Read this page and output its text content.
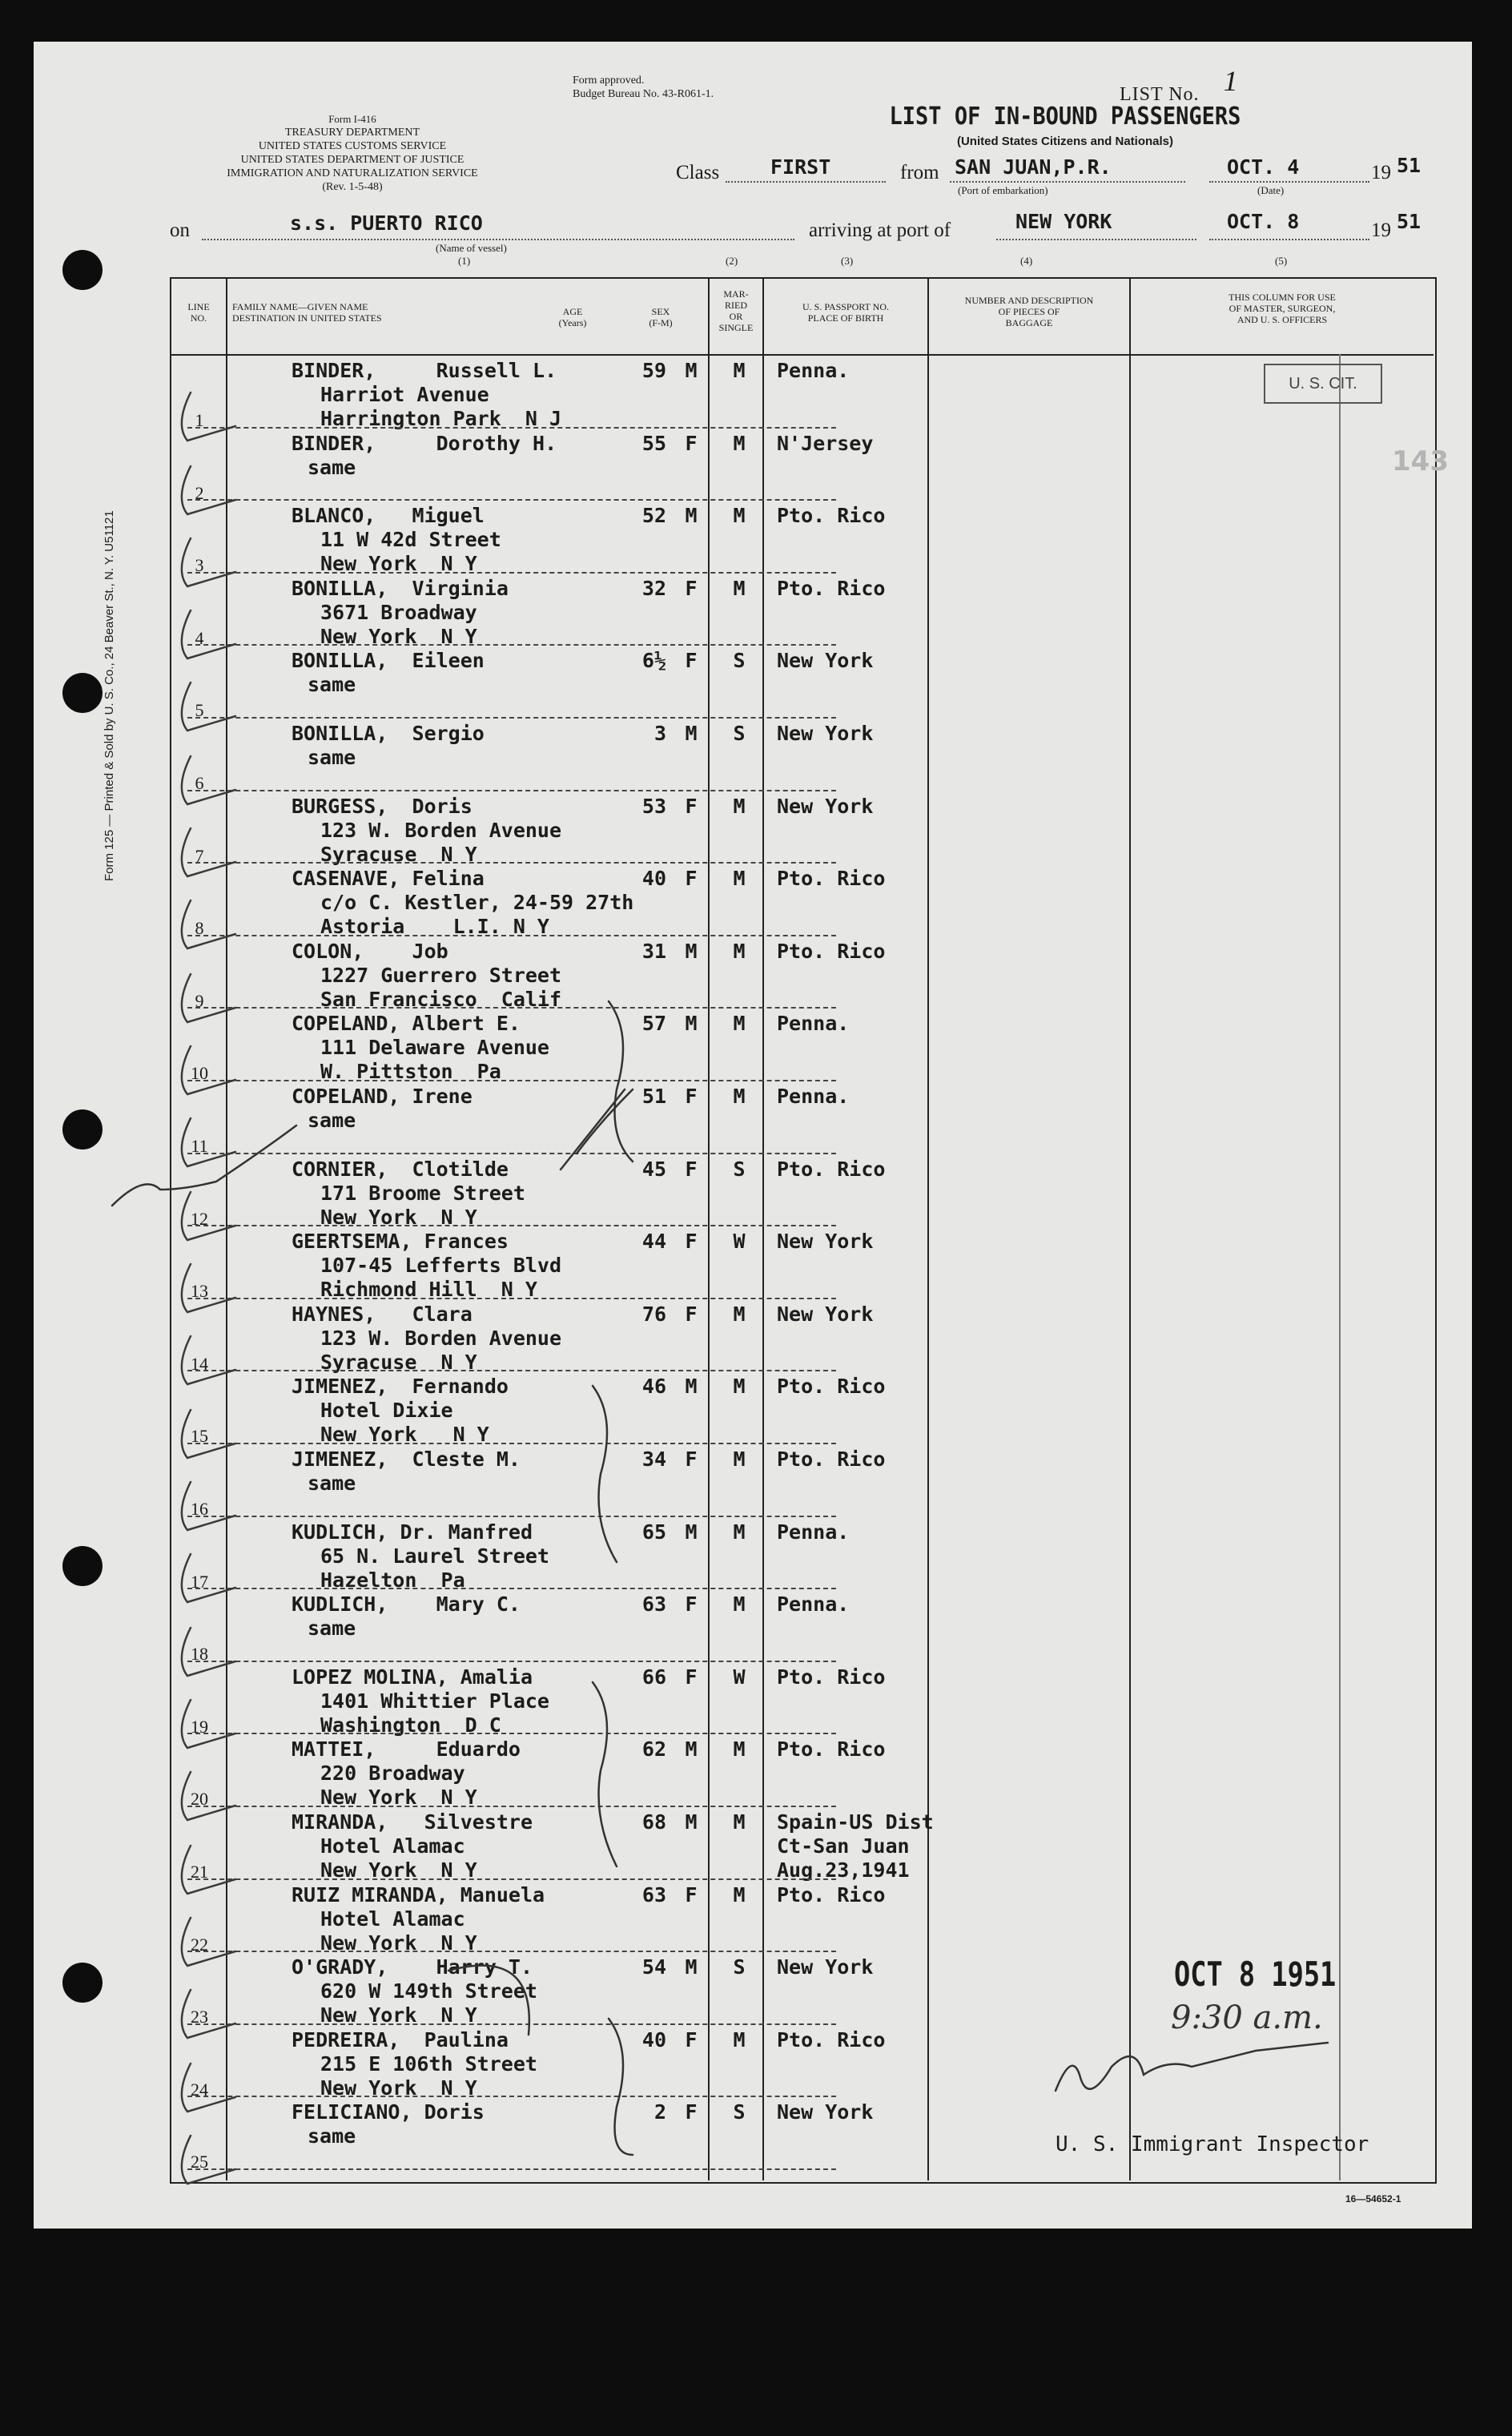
Form 125 — Printed & Sold by U. S. Co., 24 Beaver St., N. Y. U51121
Form I-416
TREASURY DEPARTMENT
UNITED STATES CUSTOMS SERVICE
UNITED STATES DEPARTMENT OF JUSTICE
IMMIGRATION AND NATURALIZATION SERVICE
(Rev. 1-5-48)
Form approved.
Budget Bureau No. 43-R061-1.	LIST No. 1
LIST OF IN-BOUND PASSENGERS
(United States Citizens and Nationals)
Class	FIRST	from SAN JUAN,P.R.
(Port of embarkation)
OCT. 4	19 51
(Date)
on	s.s. PUERTO RICO
(Name of vessel)
arriving at port of	NEW YORK	OCT. 8	19 51
(1)	(2)	(3)	(4)	(5)
LINE
NO.
FAMILY NAME—GIVEN NAME
DESTINATION IN UNITED STATES
AGE
(Years)
SEX
(F-M)
MAR-
RIED
OR
SINGLE
U. S. PASSPORT NO.
PLACE OF BIRTH
NUMBER AND DESCRIPTION
OF PIECES OF
BAGGAGE
THIS COLUMN FOR USE
OF MASTER, SURGEON,
AND U. S. OFFICERS
1
BINDER,     Russell L.
Harriot Avenue
Harrington Park  N J
59 M	M	Penna.
2
BINDER,     Dorothy H.
same
55 F	M	N'Jersey
3
BLANCO,   Miguel
11 W 42d Street
New York  N Y
52 M	M	Pto. Rico
4
BONILLA,  Virginia
3671 Broadway
New York  N Y
32 F	M	Pto. Rico
5
BONILLA,  Eileen
same
6½ F	S	New York
6
BONILLA,  Sergio
same
3 M	S	New York
7
BURGESS,  Doris
123 W. Borden Avenue
Syracuse  N Y
53 F	M	New York
8
CASENAVE, Felina
c/o C. Kestler, 24-59 27th
Astoria    L.I. N Y
40 F	M	Pto. Rico
9
COLON,    Job
1227 Guerrero Street
San Francisco  Calif
31 M	M	Pto. Rico
10
COPELAND, Albert E.
111 Delaware Avenue
W. Pittston  Pa
57 M	M	Penna.
11
COPELAND, Irene
same
51 F	M	Penna.
12
CORNIER,  Clotilde
171 Broome Street
New York  N Y
45 F	S	Pto. Rico
13
GEERTSEMA, Frances
107-45 Lefferts Blvd
Richmond Hill  N Y
44 F	W	New York
14
HAYNES,   Clara
123 W. Borden Avenue
Syracuse  N Y
76 F	M	New York
15
JIMENEZ,  Fernando
Hotel Dixie
New York   N Y
46 M	M	Pto. Rico
16
JIMENEZ,  Cleste M.
same
34 F	M	Pto. Rico
17
KUDLICH, Dr. Manfred
65 N. Laurel Street
Hazelton  Pa
65 M	M	Penna.
18
KUDLICH,    Mary C.
same
63 F	M	Penna.
19
LOPEZ MOLINA, Amalia
1401 Whittier Place
Washington  D C
66 F	W	Pto. Rico
20
MATTEI,     Eduardo
220 Broadway
New York  N Y
62 M	M	Pto. Rico
21
MIRANDA,   Silvestre
Hotel Alamac
New York  N Y
68 M	M	Spain-US Dist
Ct-San Juan
Aug.23,1941
22
RUIZ MIRANDA, Manuela
Hotel Alamac
New York  N Y
63 F	M	Pto. Rico
23
O'GRADY,    Harry T.
620 W 149th Street
New York  N Y
54 M	S	New York
24
PEDREIRA,  Paulina
215 E 106th Street
New York  N Y
40 F	M	Pto. Rico
25
FELICIANO, Doris
same
2 F	S	New York
U. S. CIT.
143
OCT 8 1951
9:30 a.m.
U. S. Immigrant Inspector
16—54652-1
